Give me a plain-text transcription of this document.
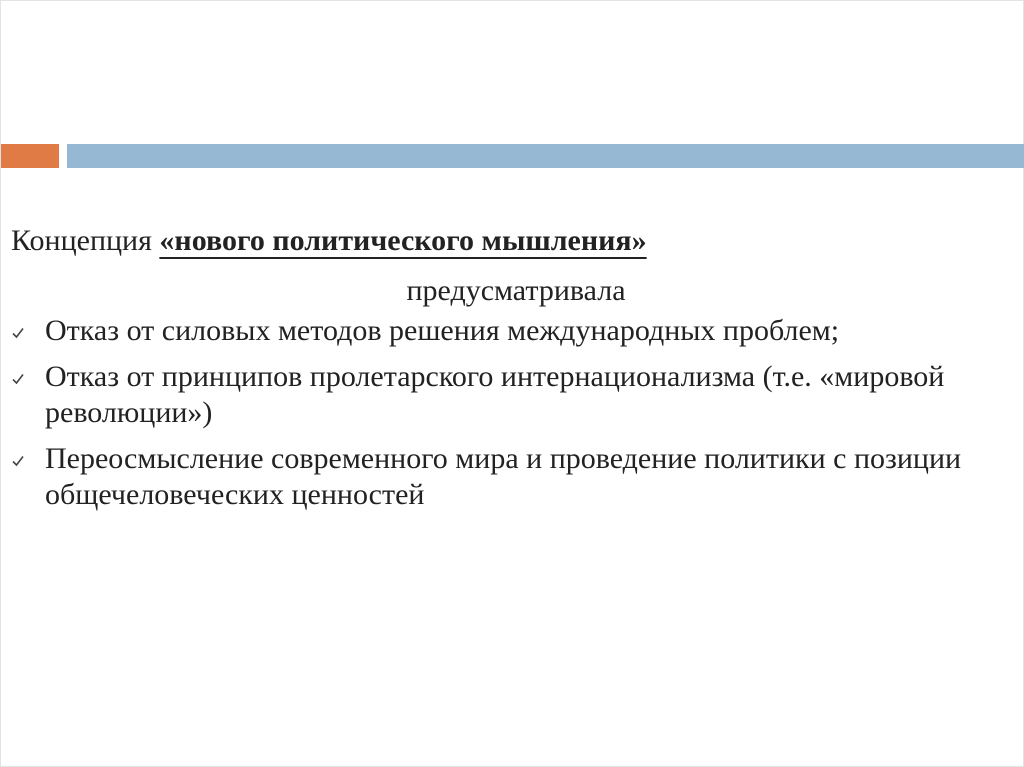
Концепция «нового политического мышления»
предусматривала
Отказ от силовых методов решения международных проблем;
Отказ от принципов пролетарского интернационализма (т.е. «мировой революции»)
Переосмысление современного мира и проведение политики с позиции общечеловеческих ценностей
